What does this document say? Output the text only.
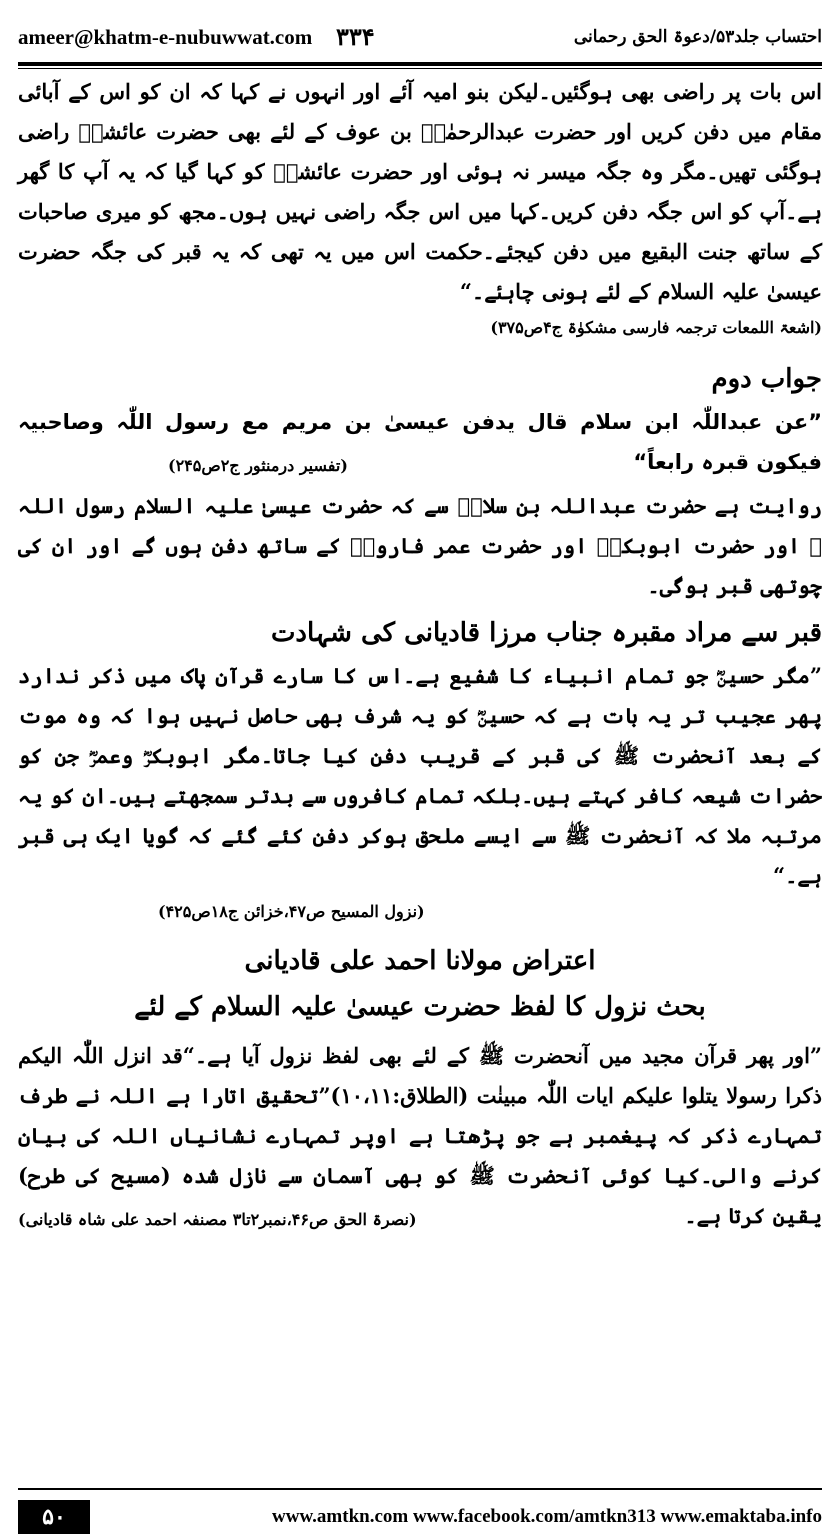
ameer@khatm-e-nubuwwat.com ۳۳۴	احتساب جلد۵۳/دعوۃ الحق رحمانی

اس بات پر راضی بھی ہوگئیں۔لیکن بنو امیہ آئے اور انہوں نے کہا کہ ان کو اس کے آبائی مقام میں دفن کریں اور حضرت عبدالرحمٰنؓ بن عوف کے لئے بھی حضرت عائشہؓ راضی ہوگئی تھیں۔مگر وہ جگہ میسر نہ ہوئی اور حضرت عائشہؓ کو کہا گیا کہ یہ آپ کا گھر ہے۔آپ کو اس جگہ دفن کریں۔کہا میں اس جگہ راضی نہیں ہوں۔مجھ کو میری صاحبات کے ساتھ جنت البقیع میں دفن کیجئے۔حکمت اس میں یہ تھی کہ یہ قبر کی جگہ حضرت عیسیٰ علیہ السلام کے لئے ہونی چاہئے۔“

(اشعۃ اللمعات ترجمہ فارسی مشکوٰۃ ج۴ص۳۷۵)

جواب دوم

”عن عبداللّٰہ ابن سلام قال یدفن عیسیٰ بن مریم مع رسول اللّٰہ وصاحبیہ فیکون قبرہ رابعاً“

(تفسیر درمنثور ج۲ص۲۴۵)

روایت ہے حضرت عبداللہ بن سلامؓ سے کہ حضرت عیسیٰ علیہ السلام رسول اللہ ﷺ اور حضرت ابوبکرؓ اور حضرت عمر فاروقؓ کے ساتھ دفن ہوں گے اور ان کی چوتھی قبر ہوگی۔

قبر سے مراد مقبرہ جناب مرزا قادیانی کی شہادت

”مگر حسینؓ جو تمام انبیاء کا شفیع ہے۔اس کا سارے قرآن پاک میں ذکر ندارد پھر عجیب تر یہ بات ہے کہ حسینؓ کو یہ شرف بھی حاصل نہیں ہوا کہ وہ موت کے بعد آنحضرت ﷺ کی قبر کے قریب دفن کیا جاتا۔مگر ابوبکرؓ وعمرؓ جن کو حضرات شیعہ کافر کہتے ہیں۔بلکہ تمام کافروں سے بدتر سمجھتے ہیں۔ان کو یہ مرتبہ ملا کہ آنحضرت ﷺ سے ایسے ملحق ہوکر دفن کئے گئے کہ گویا ایک ہی قبر ہے۔“

(نزول المسیح ص۴۷،خزائن ج۱۸ص۴۲۵)

اعتراض مولانا احمد علی قادیانی

بحث نزول کا لفظ حضرت عیسیٰ علیہ السلام کے لئے

”اور پھر قرآن مجید میں آنحضرت ﷺ کے لئے بھی لفظ نزول آیا ہے۔“قد انزل اللّٰہ الیکم ذکرا رسولا یتلوا علیکم ایات اللّٰہ مبینٰت (الطلاق:۱۰،۱۱)”تحقیق اتارا ہے اللہ نے طرف تمہارے ذکر کہ پیغمبر ہے جو پڑھتا ہے اوپر تمہارے نشانیاں اللہ کی بیان کرنے والی۔کیا کوئی آنحضرت ﷺ کو بھی آسمان سے نازل شدہ (مسیح کی طرح) یقین کرتا ہے۔

(نصرۃ الحق ص۴۶،نمبر۲تا۳ مصنفہ احمد علی شاہ قادیانی)

۵۰	www.amtkn.com www.facebook.com/amtkn313 www.emaktaba.info
